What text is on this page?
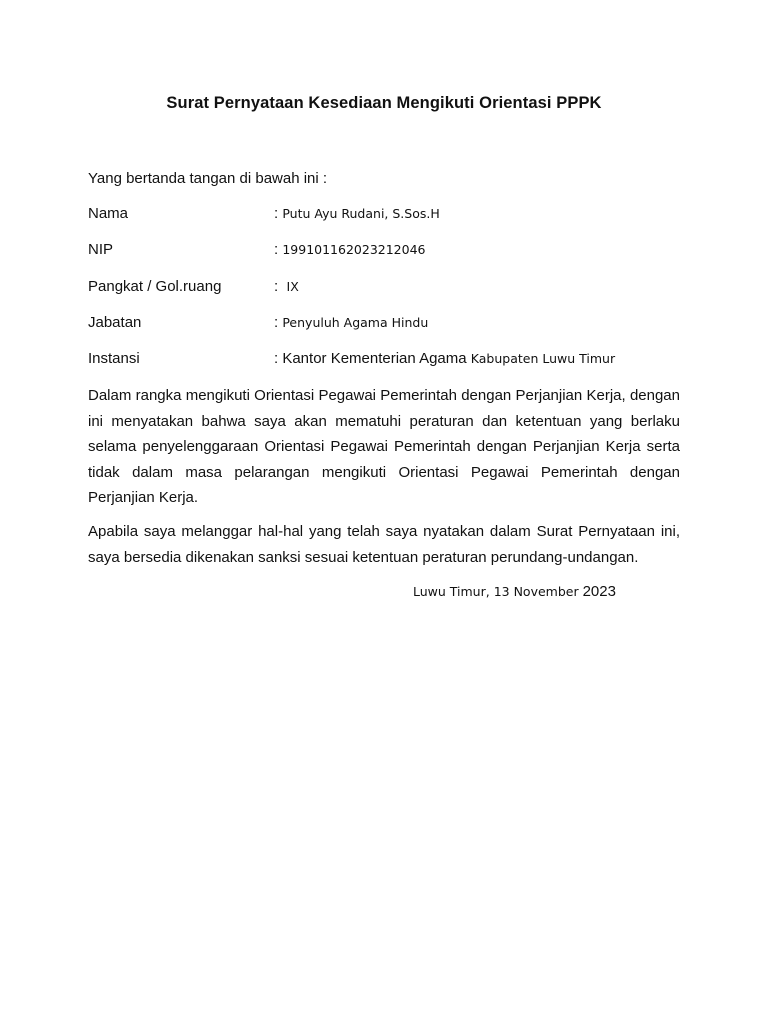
Surat Pernyataan Kesediaan Mengikuti Orientasi PPPK
Yang bertanda tangan di bawah ini :
Nama	: Putu Ayu Rudani, S.Sos.H
NIP	: 199101162023212046
Pangkat / Gol.ruang	:  IX
Jabatan	: Penyuluh Agama Hindu
Instansi	: Kantor Kementerian Agama Kabupaten Luwu Timur

Dalam rangka mengikuti Orientasi Pegawai Pemerintah dengan Perjanjian Kerja, dengan ini menyatakan bahwa saya akan mematuhi peraturan dan ketentuan yang berlaku selama penyelenggaraan Orientasi Pegawai Pemerintah dengan Perjanjian Kerja serta tidak dalam masa pelarangan mengikuti Orientasi Pegawai Pemerintah dengan Perjanjian Kerja.

Apabila saya melanggar hal-hal yang telah saya nyatakan dalam Surat Pernyataan ini, saya bersedia dikenakan sanksi sesuai ketentuan peraturan perundang-undangan.

Luwu Timur, 13 November 2023
